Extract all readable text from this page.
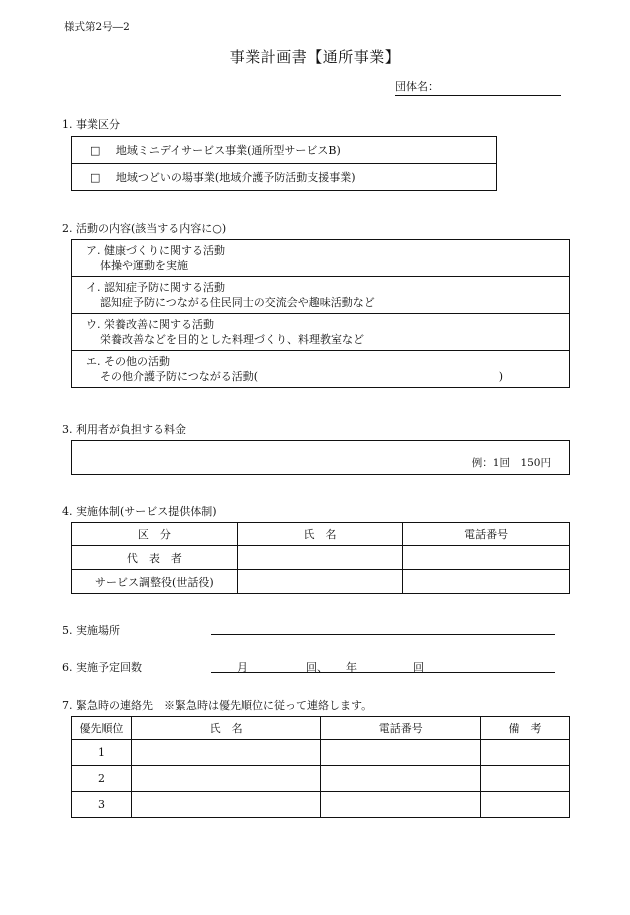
様式第2号―2
事業計画書【通所事業】
団体名：
1. 事業区分
□ 地域ミニデイサービス事業(通所型サービスB)
□ 地域つどいの場事業(地域介護予防活動支援事業)
2. 活動の内容(該当する内容に○)
ア. 健康づくりに関する活動
体操や運動を実施

イ. 認知症予防に関する活動
認知症予防につながる住民同士の交流会や趣味活動など

ウ. 栄養改善に関する活動
栄養改善などを目的とした料理づくり、料理教室など

エ. その他の活動
その他介護予防につながる活動(	)
3. 利用者が負担する料金
例：1回　150円
4. 実施体制(サービス提供体制)
区　分	氏　名	電話番号
代　表　者		
サービス調整役(世話役)		
5. 実施場所
6. 実施予定回数	月	回、 年	回
7. 緊急時の連絡先　※緊急時は優先順位に従って連絡します。
優先順位	氏　名	電話番号	備　考
1			
2			
3			
